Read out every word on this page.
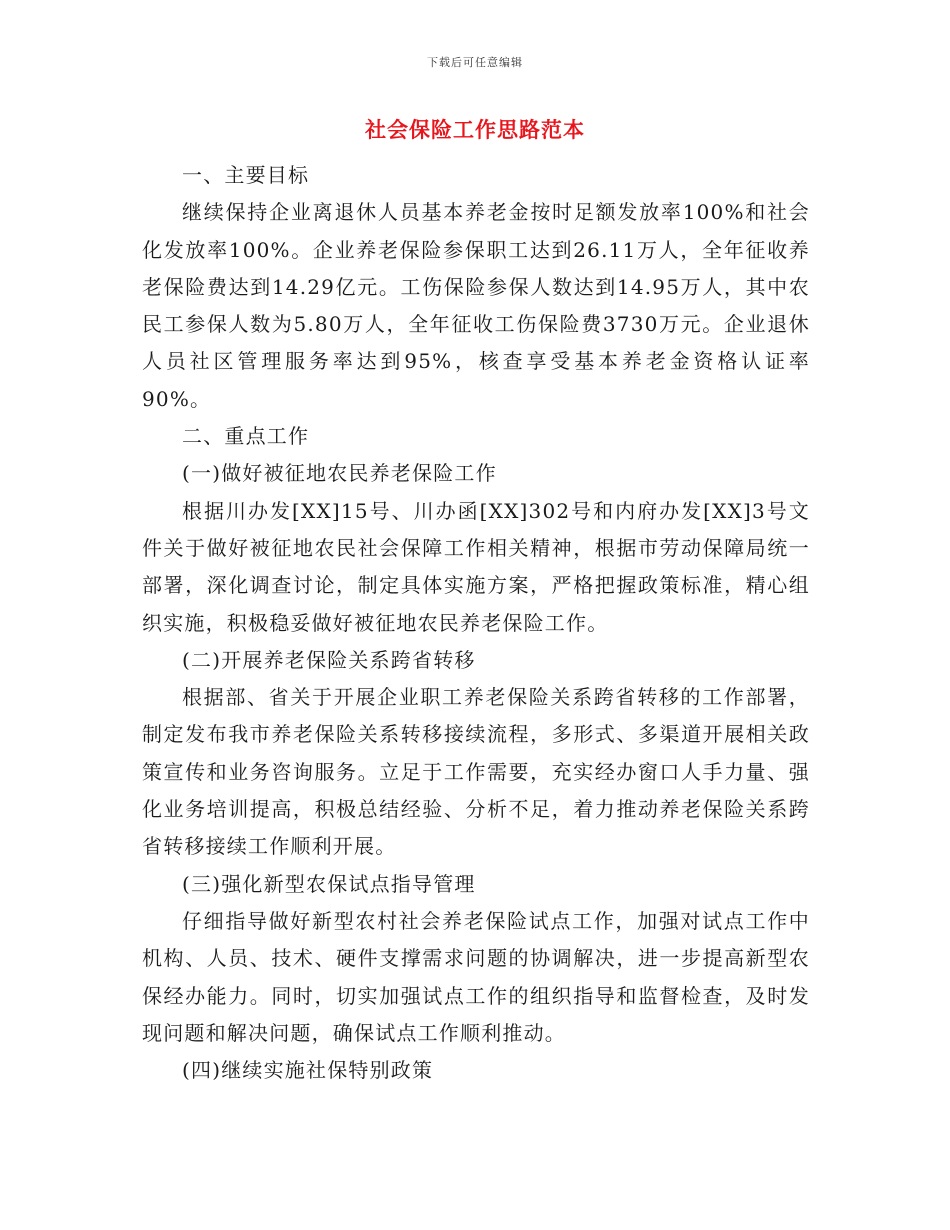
下载后可任意编辑
社会保险工作思路范本

一、主要目标

继续保持企业离退休人员基本养老金按时足额发放率100%和社会化发放率100%。企业养老保险参保职工达到26.11万人，全年征收养老保险费达到14.29亿元。工伤保险参保人数达到14.95万人，其中农民工参保人数为5.80万人，全年征收工伤保险费3730万元。企业退休人员社区管理服务率达到95%，核查享受基本养老金资格认证率90%。

二、重点工作

(一)做好被征地农民养老保险工作

根据川办发[XX]15号、川办函[XX]302号和内府办发[XX]3号文件关于做好被征地农民社会保障工作相关精神，根据市劳动保障局统一部署，深化调查讨论，制定具体实施方案，严格把握政策标准，精心组织实施，积极稳妥做好被征地农民养老保险工作。

(二)开展养老保险关系跨省转移

根据部、省关于开展企业职工养老保险关系跨省转移的工作部署，制定发布我市养老保险关系转移接续流程，多形式、多渠道开展相关政策宣传和业务咨询服务。立足于工作需要，充实经办窗口人手力量、强化业务培训提高，积极总结经验、分析不足，着力推动养老保险关系跨省转移接续工作顺利开展。

(三)强化新型农保试点指导管理

仔细指导做好新型农村社会养老保险试点工作，加强对试点工作中机构、人员、技术、硬件支撑需求问题的协调解决，进一步提高新型农保经办能力。同时，切实加强试点工作的组织指导和监督检查，及时发现问题和解决问题，确保试点工作顺利推动。

(四)继续实施社保特别政策
